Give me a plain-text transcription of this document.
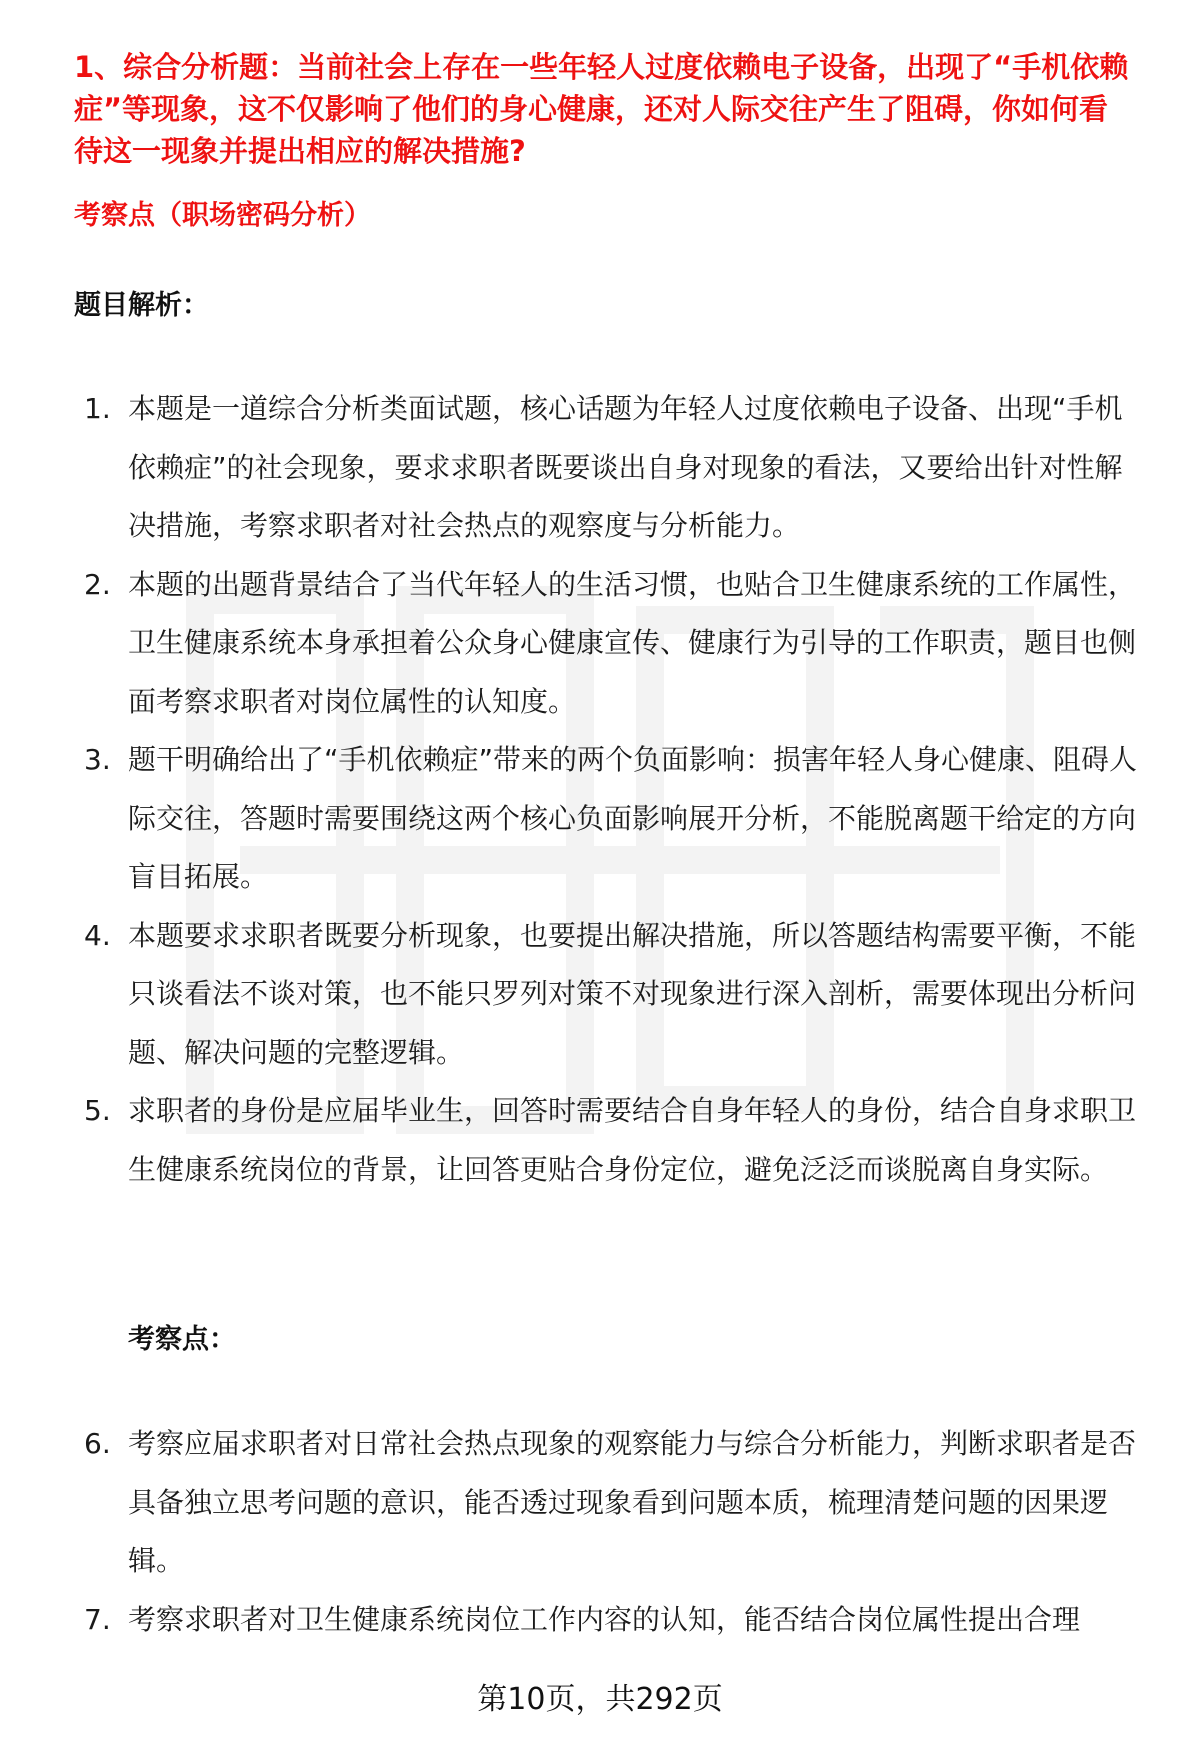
1、综合分析题：当前社会上存在一些年轻人过度依赖电子设备，出现了“手机依赖症”等现象，这不仅影响了他们的身心健康，还对人际交往产生了阻碍，你如何看待这一现象并提出相应的解决措施?

考察点（职场密码分析）

题目解析：

1. 本题是一道综合分析类面试题，核心话题为年轻人过度依赖电子设备、出现“手机依赖症”的社会现象，要求求职者既要谈出自身对现象的看法，又要给出针对性解决措施，考察求职者对社会热点的观察度与分析能力。
2. 本题的出题背景结合了当代年轻人的生活习惯，也贴合卫生健康系统的工作属性，卫生健康系统本身承担着公众身心健康宣传、健康行为引导的工作职责，题目也侧面考察求职者对岗位属性的认知度。
3. 题干明确给出了“手机依赖症”带来的两个负面影响：损害年轻人身心健康、阻碍人际交往，答题时需要围绕这两个核心负面影响展开分析，不能脱离题干给定的方向盲目拓展。
4. 本题要求求职者既要分析现象，也要提出解决措施，所以答题结构需要平衡，不能只谈看法不谈对策，也不能只罗列对策不对现象进行深入剖析，需要体现出分析问题、解决问题的完整逻辑。
5. 求职者的身份是应届毕业生，回答时需要结合自身年轻人的身份，结合自身求职卫生健康系统岗位的背景，让回答更贴合身份定位，避免泛泛而谈脱离自身实际。

考察点：

6. 考察应届求职者对日常社会热点现象的观察能力与综合分析能力，判断求职者是否具备独立思考问题的意识，能否透过现象看到问题本质，梳理清楚问题的因果逻辑。
7. 考察求职者对卫生健康系统岗位工作内容的认知，能否结合岗位属性提出合理
第10页，共292页
